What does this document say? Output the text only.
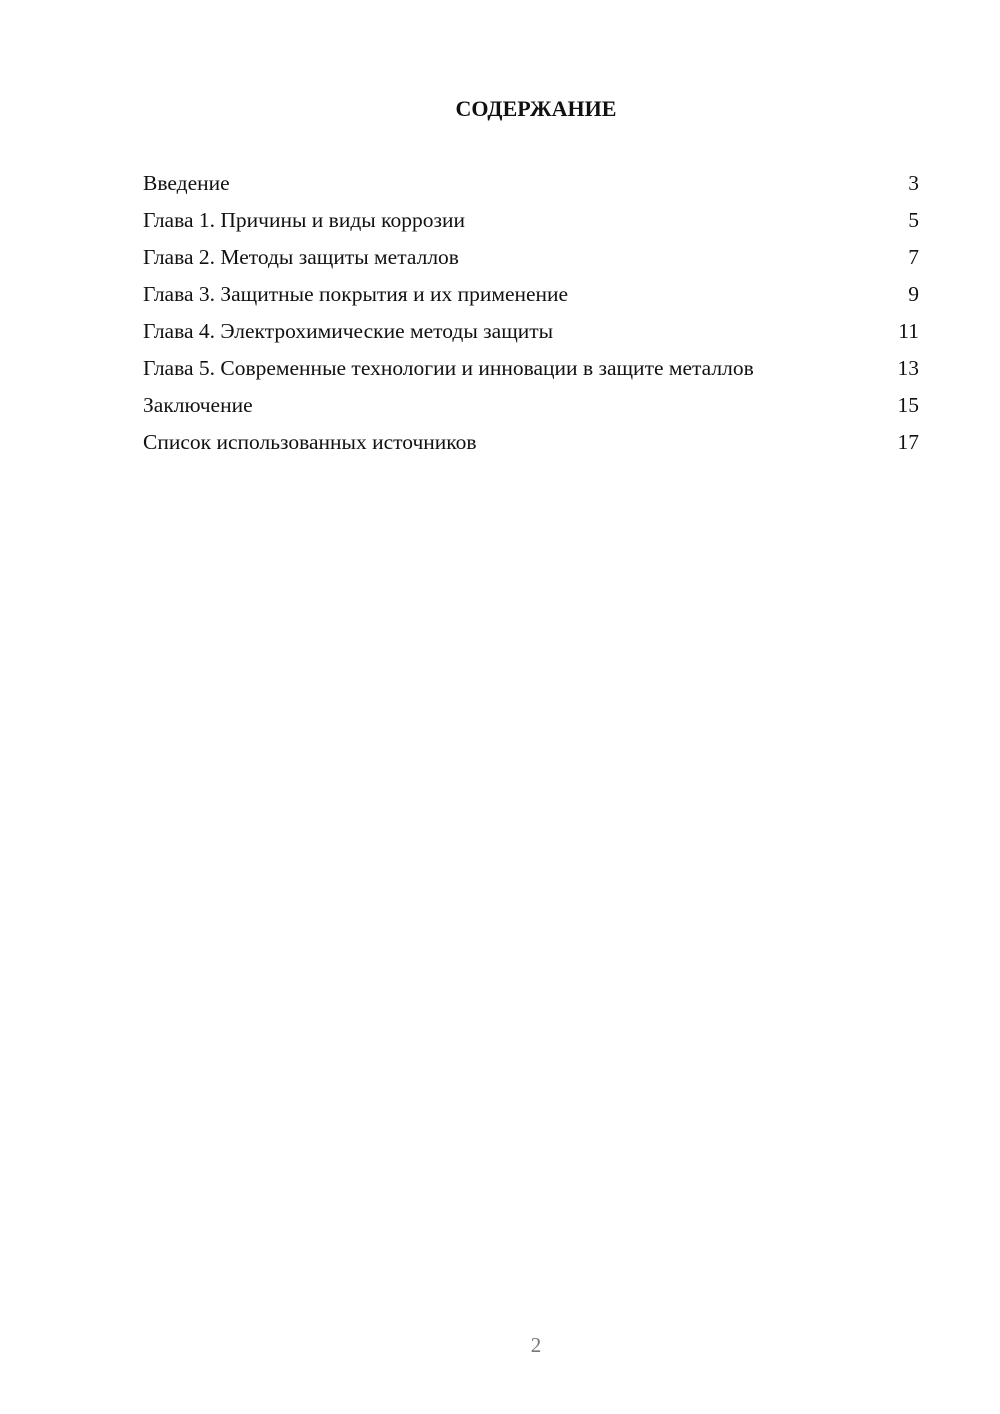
СОДЕРЖАНИЕ
Введение	3
Глава 1. Причины и виды коррозии	5
Глава 2. Методы защиты металлов	7
Глава 3. Защитные покрытия и их применение	9
Глава 4. Электрохимические методы защиты	11
Глава 5. Современные технологии и инновации в защите металлов	13
Заключение	15
Список использованных источников	17
2
